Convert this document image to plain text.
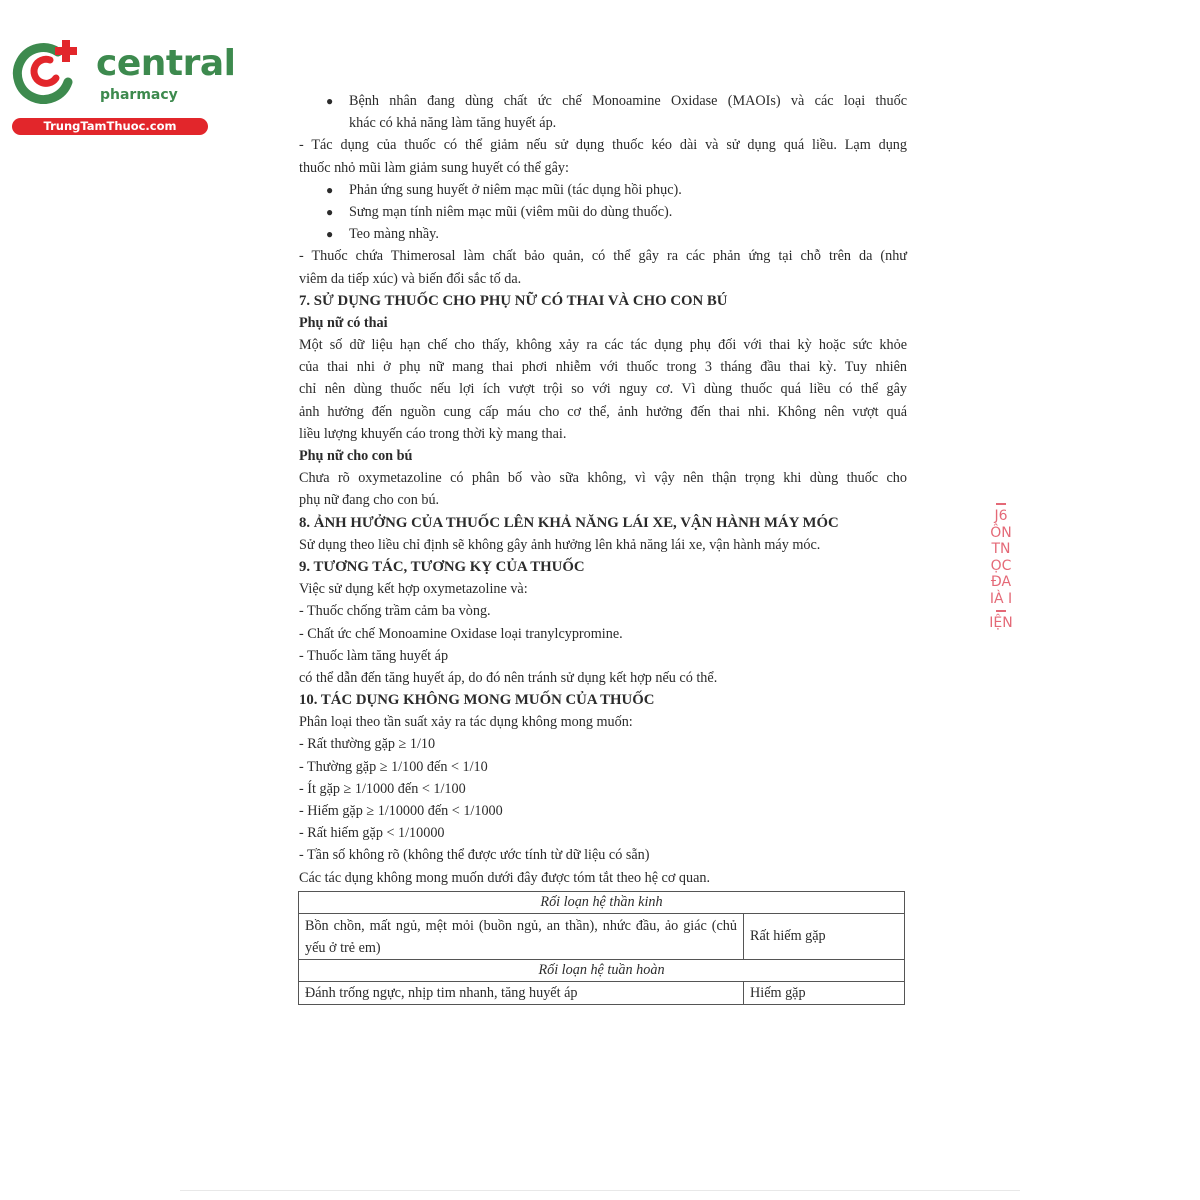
central
pharmacy
TrungTamThuoc.com
● Bệnh nhân đang dùng chất ức chế Monoamine Oxidase (MAOIs) và các loại thuốc
khác có khả năng làm tăng huyết áp.
- Tác dụng của thuốc có thể giảm nếu sử dụng thuốc kéo dài và sử dụng quá liều. Lạm dụng
thuốc nhỏ mũi làm giảm sung huyết có thể gây:
● Phản ứng sung huyết ở niêm mạc mũi (tác dụng hồi phục).
● Sưng mạn tính niêm mạc mũi (viêm mũi do dùng thuốc).
● Teo màng nhầy.
- Thuốc chứa Thimerosal làm chất bảo quản, có thể gây ra các phản ứng tại chỗ trên da (như
viêm da tiếp xúc) và biến đổi sắc tố da.
7. SỬ DỤNG THUỐC CHO PHỤ NỮ CÓ THAI VÀ CHO CON BÚ
Phụ nữ có thai
Một số dữ liệu hạn chế cho thấy, không xảy ra các tác dụng phụ đối với thai kỳ hoặc sức khỏe
của thai nhi ở phụ nữ mang thai phơi nhiễm với thuốc trong 3 tháng đầu thai kỳ. Tuy nhiên
chỉ nên dùng thuốc nếu lợi ích vượt trội so với nguy cơ. Vì dùng thuốc quá liều có thể gây
ảnh hưởng đến nguồn cung cấp máu cho cơ thể, ảnh hưởng đến thai nhi. Không nên vượt quá
liều lượng khuyến cáo trong thời kỳ mang thai.
Phụ nữ cho con bú
Chưa rõ oxymetazoline có phân bố vào sữa không, vì vậy nên thận trọng khi dùng thuốc cho
phụ nữ đang cho con bú.
8. ẢNH HƯỞNG CỦA THUỐC LÊN KHẢ NĂNG LÁI XE, VẬN HÀNH MÁY MÓC
Sử dụng theo liều chỉ định sẽ không gây ảnh hưởng lên khả năng lái xe, vận hành máy móc.
9. TƯƠNG TÁC, TƯƠNG KỴ CỦA THUỐC
Việc sử dụng kết hợp oxymetazoline và:
- Thuốc chống trầm cảm ba vòng.
- Chất ức chế Monoamine Oxidase loại tranylcypromine.
- Thuốc làm tăng huyết áp
có thể dẫn đến tăng huyết áp, do đó nên tránh sử dụng kết hợp nếu có thể.
10. TÁC DỤNG KHÔNG MONG MUỐN CỦA THUỐC
Phân loại theo tần suất xảy ra tác dụng không mong muốn:
- Rất thường gặp ≥ 1/10
- Thường gặp ≥ 1/100 đến < 1/10
- Ít gặp ≥ 1/1000 đến < 1/100
- Hiếm gặp ≥ 1/10000 đến < 1/1000
- Rất hiếm gặp < 1/10000
- Tần số không rõ (không thể được ước tính từ dữ liệu có sẵn)
Các tác dụng không mong muốn dưới đây được tóm tắt theo hệ cơ quan.
Rối loạn hệ thần kinh	
Bồn chồn, mất ngủ, mệt mỏi (buồn ngủ, an thần), nhức đầu, ảo giác (chủ yếu ở trẻ em)	Rất hiếm gặp
Rối loạn hệ tuần hoàn	
Đánh trống ngực, nhịp tim nhanh, tăng huyết áp	Hiếm gặp
J6
ÔN
TN
ỌC
ĐA
IÀ I
IỆN
